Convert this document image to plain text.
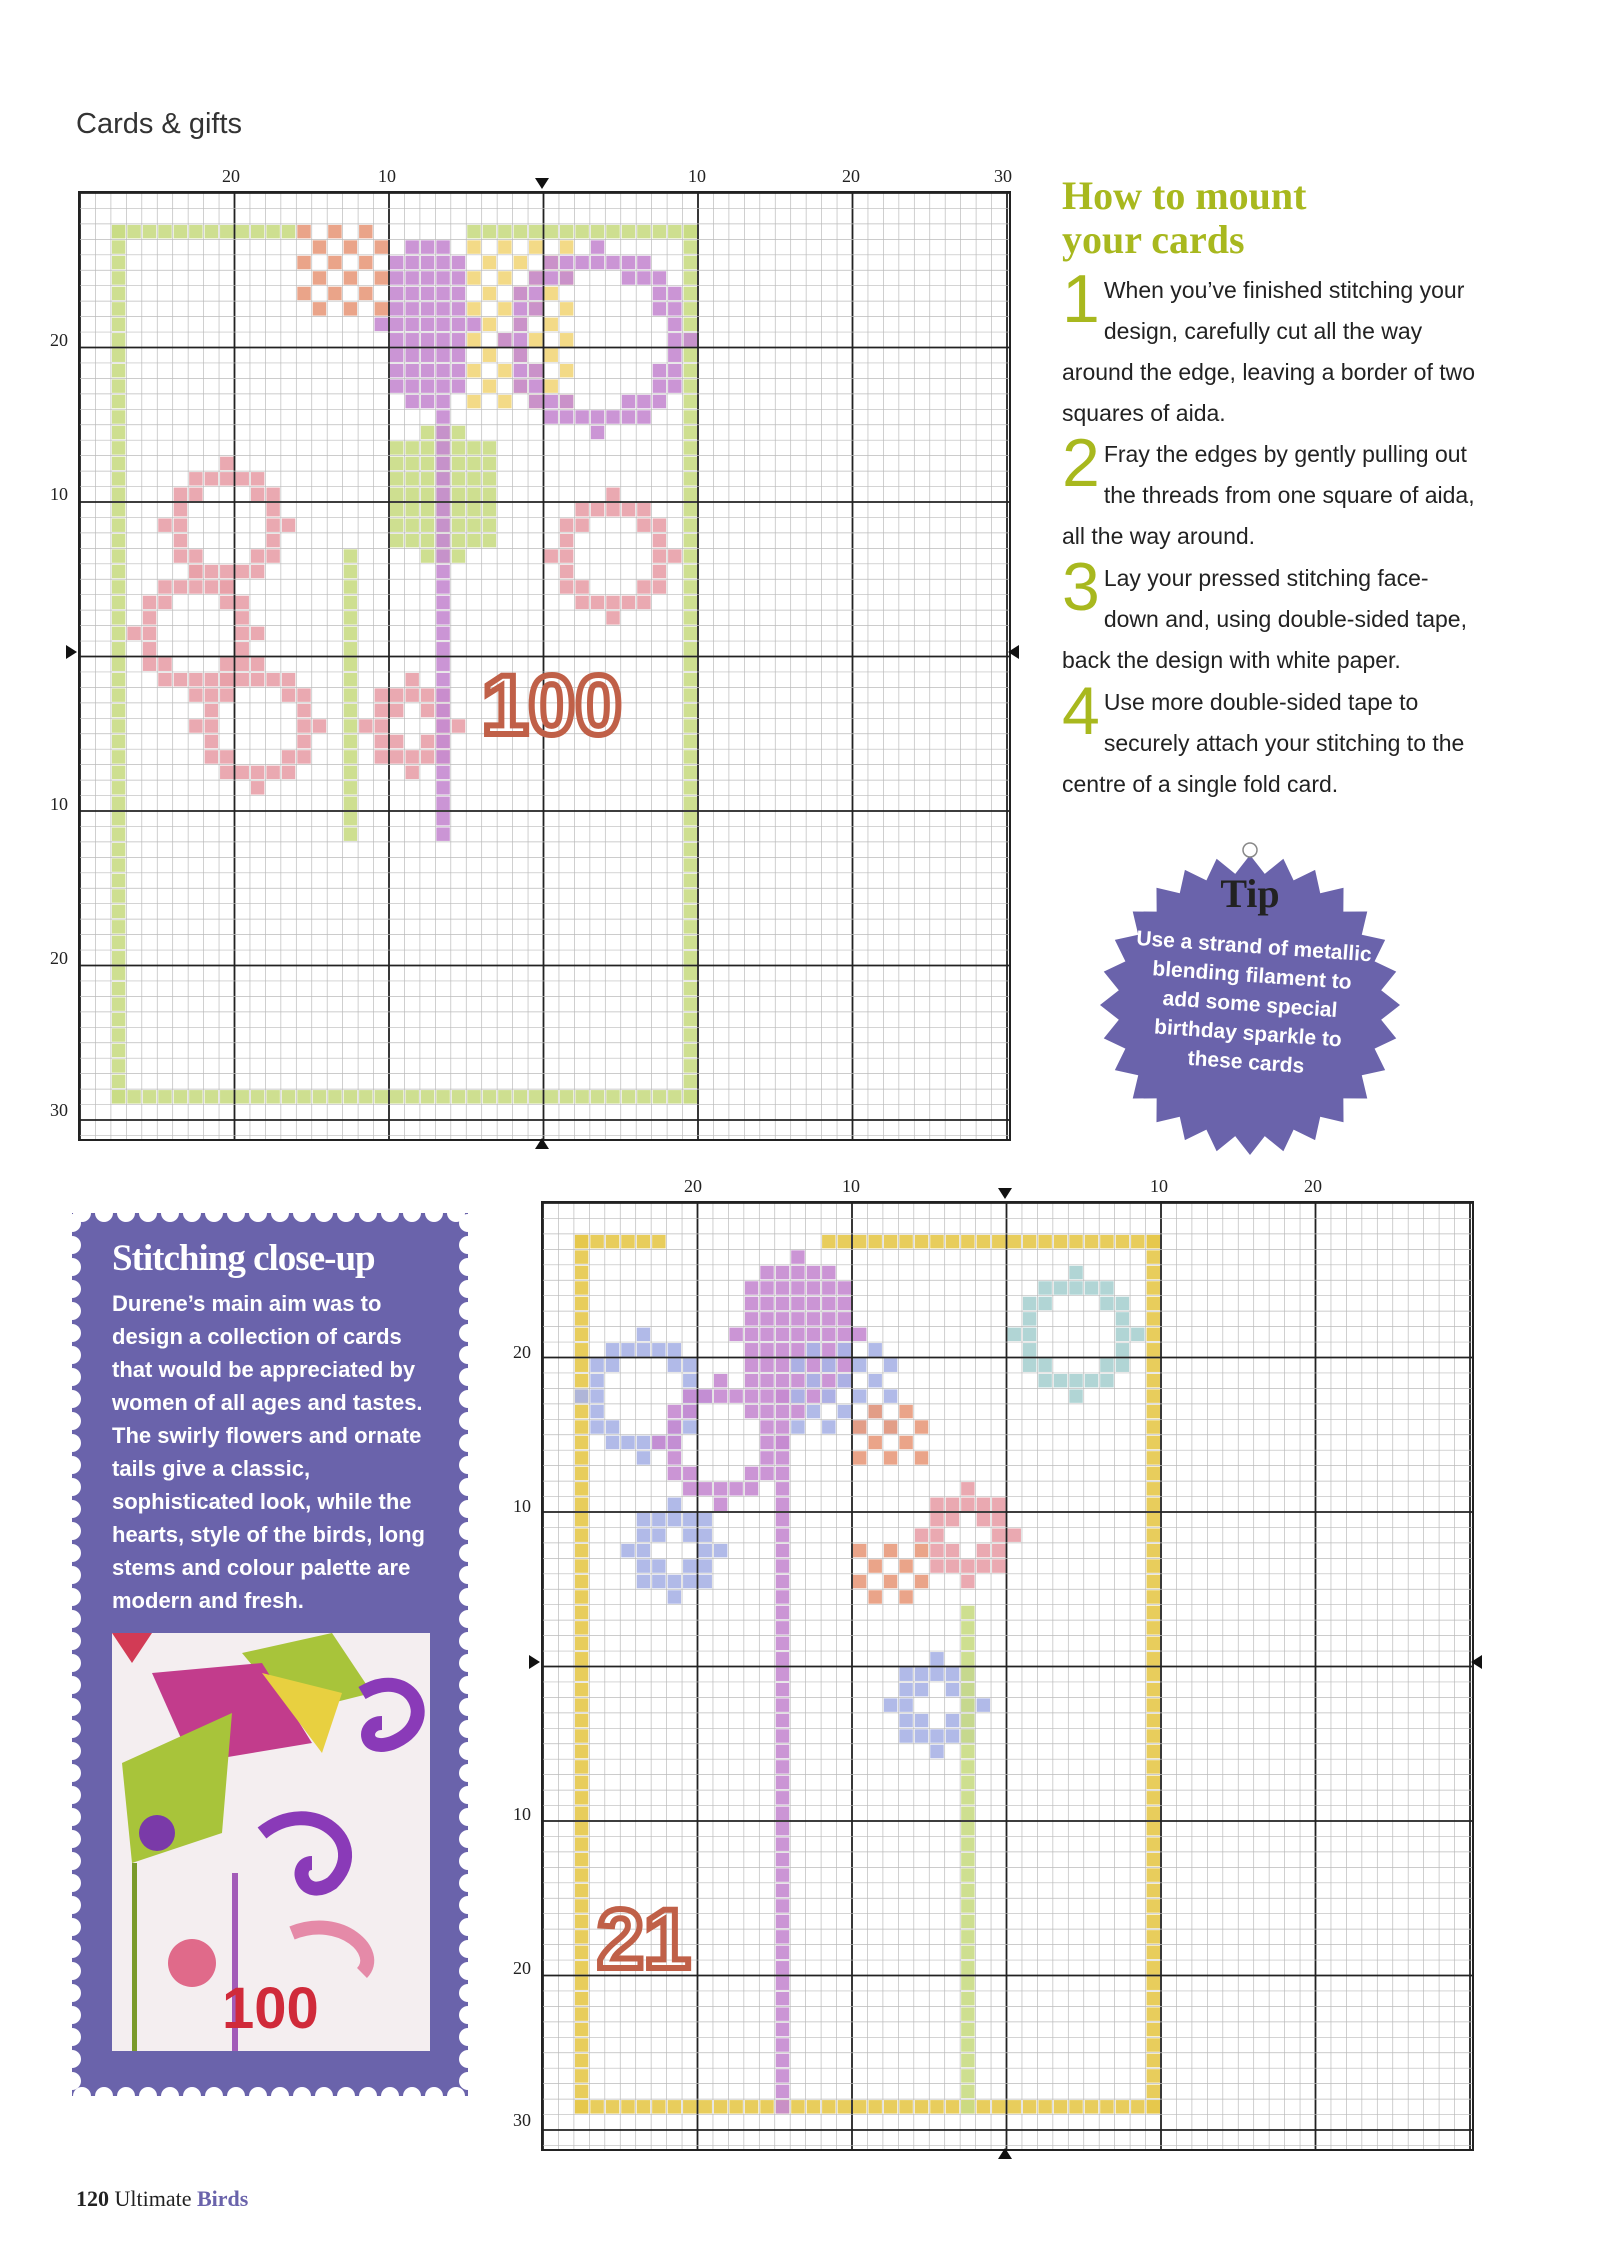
Cards & gifts
100
20	10	10	20	30
20
10
10
20
30
How to mount
your cards
1 When you’ve finished stitching your design, carefully cut all the way around the edge, leaving a border of two squares of aida.
2 Fray the edges by gently pulling out the threads from one square of aida, all the way around.
3 Lay your pressed stitching face-down and, using double-sided tape, back the design with white paper.
4 Use more double-sided tape to securely attach your stitching to the centre of a single fold card.
Tip
Use a strand of metallic blending filament to add some special birthday sparkle to these cards
Stitching close-up
Durene’s main aim was to design a collection of cards that would be appreciated by women of all ages and tastes. The swirly flowers and ornate tails give a classic, sophisticated look, while the hearts, style of the birds, long stems and colour palette are modern and fresh.
100
21
20	10	10	20
20
10
10
20
30
120 Ultimate Birds
